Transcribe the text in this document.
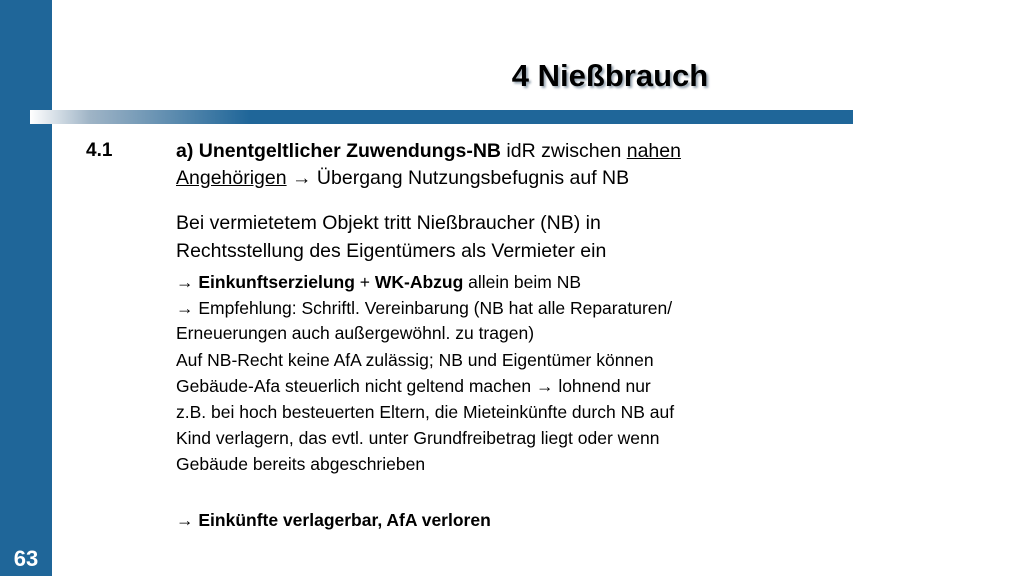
63
4 Nießbrauch
4.1	a) Unentgeltlicher Zuwendungs-NB idR zwischen nahen
Angehörigen → Übergang Nutzungsbefugnis auf NB
Bei vermietetem Objekt tritt Nießbraucher (NB) in
Rechtsstellung des Eigentümers als Vermieter ein
→ Einkunftserzielung + WK-Abzug allein beim NB
→ Empfehlung: Schriftl. Vereinbarung (NB hat alle Reparaturen/
Erneuerungen auch außergewöhnl. zu tragen)
Auf NB-Recht keine AfA zulässig; NB und Eigentümer können
Gebäude-Afa steuerlich nicht geltend machen → lohnend nur
z.B. bei hoch besteuerten Eltern, die Mieteinkünfte durch NB auf
Kind verlagern, das evtl. unter Grundfreibetrag liegt oder wenn
Gebäude bereits abgeschrieben
→ Einkünfte verlagerbar, AfA verloren
